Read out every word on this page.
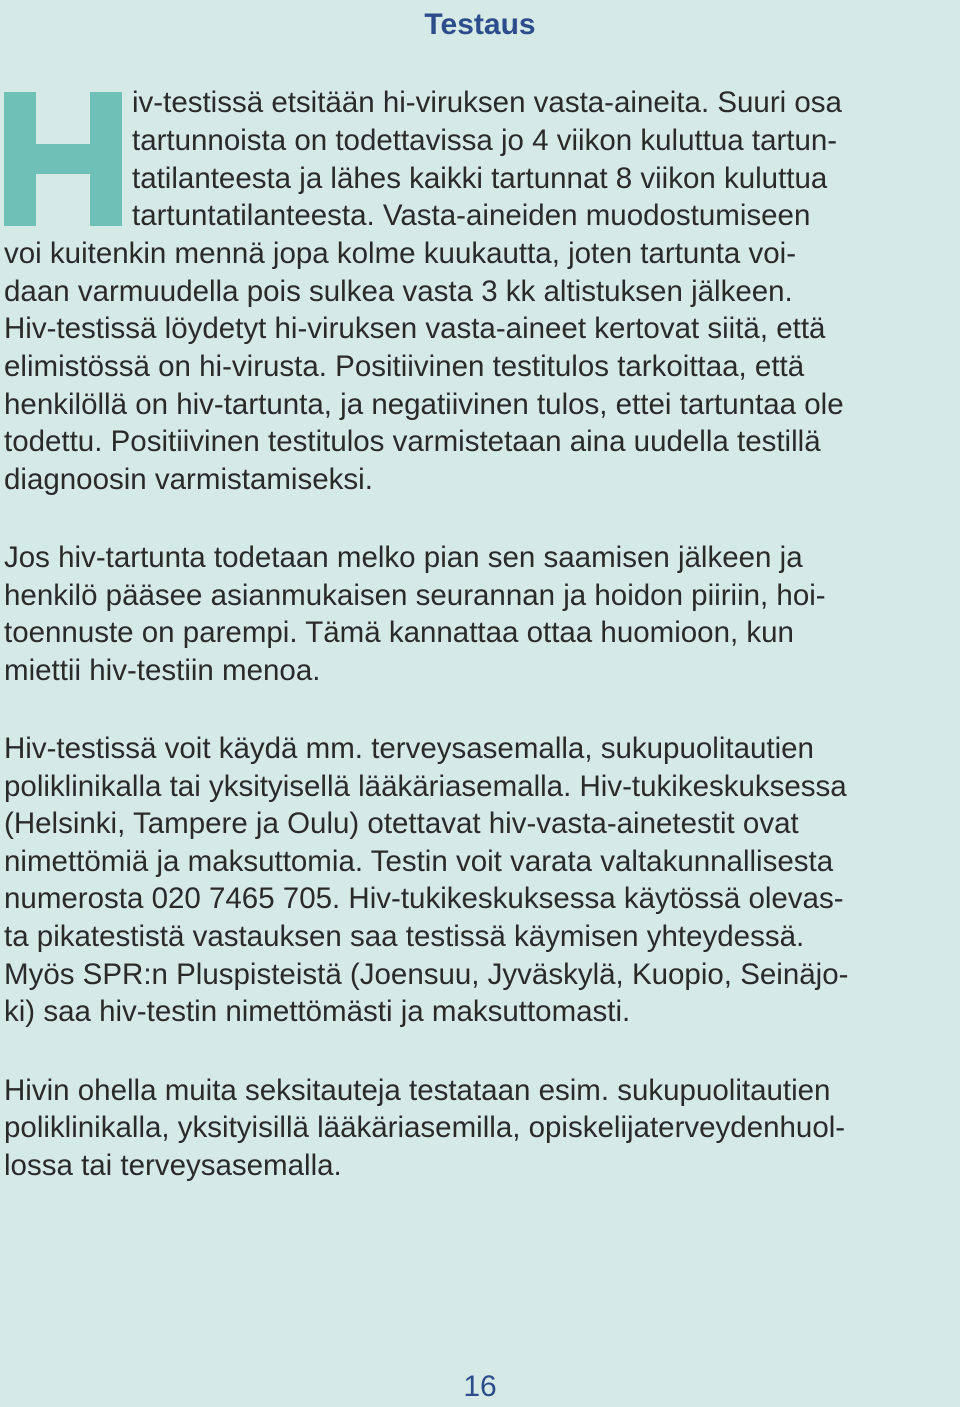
Testaus
iv-testissä etsitään hi-viruksen vasta-aineita. Suuri osa
tartunnoista on todettavissa jo 4 viikon kuluttua tartun-
tatilanteesta ja lähes kaikki tartunnat 8 viikon kuluttua
tartuntatilanteesta. Vasta-aineiden muodostumiseen
voi kuitenkin mennä jopa kolme kuukautta, joten tartunta voi-
daan varmuudella pois sulkea vasta 3 kk altistuksen jälkeen.
Hiv-testissä löydetyt hi-viruksen vasta-aineet kertovat siitä, että
elimistössä on hi-virusta. Positiivinen testitulos tarkoittaa, että
henkilöllä on hiv-tartunta, ja negatiivinen tulos, ettei tartuntaa ole
todettu. Positiivinen testitulos varmistetaan aina uudella testillä
diagnoosin varmistamiseksi.
Jos hiv-tartunta todetaan melko pian sen saamisen jälkeen ja
henkilö pääsee asianmukaisen seurannan ja hoidon piiriin, hoi-
toennuste on parempi. Tämä kannattaa ottaa huomioon, kun
miettii hiv-testiin menoa.
Hiv-testissä voit käydä mm. terveysasemalla, sukupuolitautien
poliklinikalla tai yksityisellä lääkäriasemalla. Hiv-tukikeskuksessa
(Helsinki, Tampere ja Oulu) otettavat hiv-vasta-ainetestit ovat
nimettömiä ja maksuttomia. Testin voit varata valtakunnallisesta
numerosta 020 7465 705. Hiv-tukikeskuksessa käytössä olevas-
ta pikatestistä vastauksen saa testissä käymisen yhteydessä.
Myös SPR:n Pluspisteistä (Joensuu, Jyväskylä, Kuopio, Seinäjo-
ki) saa hiv-testin nimettömästi ja maksuttomasti.
Hivin ohella muita seksitauteja testataan esim. sukupuolitautien
poliklinikalla, yksityisillä lääkäriasemilla, opiskelijaterveydenhuol-
lossa tai terveysasemalla.
16
